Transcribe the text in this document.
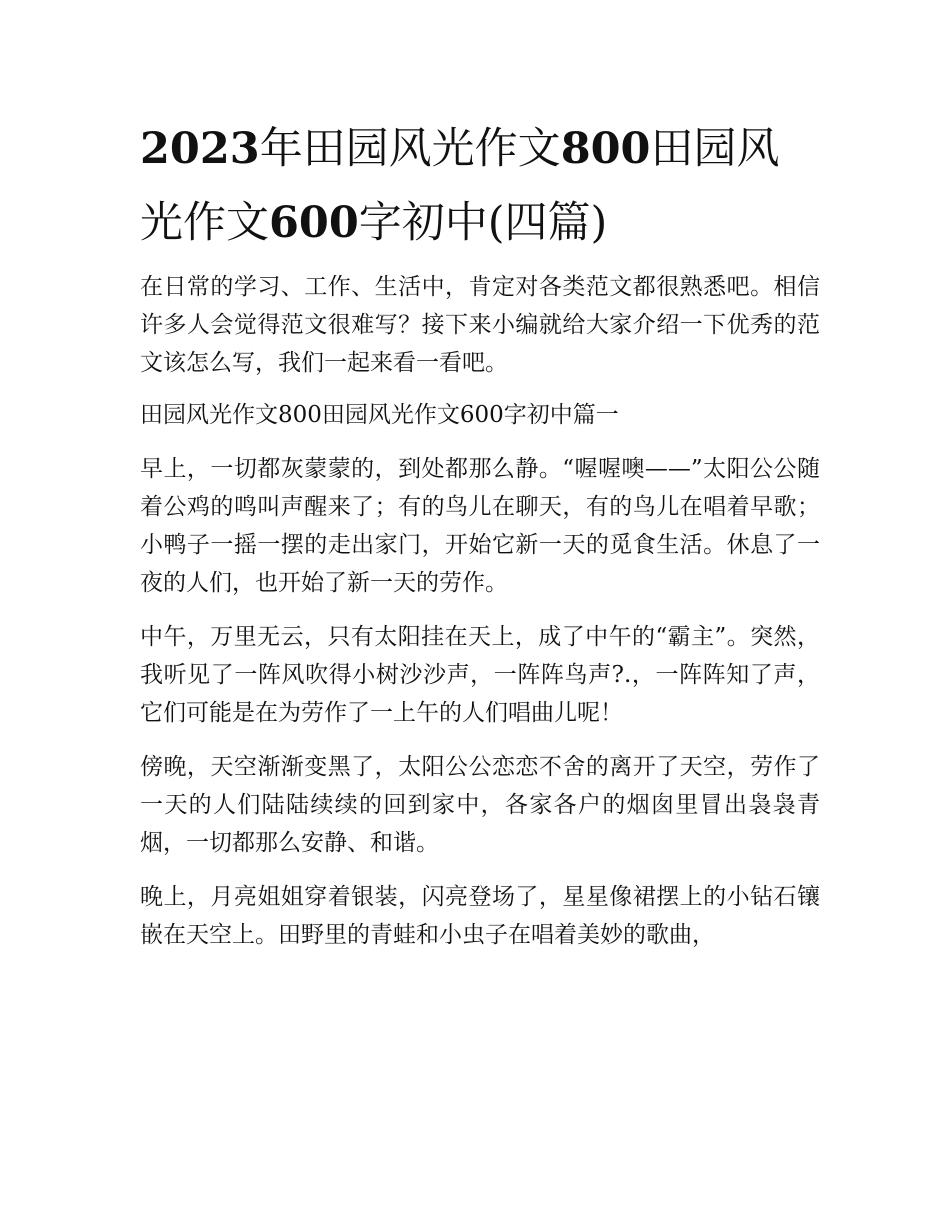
2023年田园风光作文800田园风光作文600字初中(四篇)

在日常的学习、工作、生活中，肯定对各类范文都很熟悉吧。相信许多人会觉得范文很难写？接下来小编就给大家介绍一下优秀的范文该怎么写，我们一起来看一看吧。

田园风光作文800田园风光作文600字初中篇一

早上，一切都灰蒙蒙的，到处都那么静。“喔喔噢——”太阳公公随着公鸡的鸣叫声醒来了；有的鸟儿在聊天，有的鸟儿在唱着早歌；小鸭子一摇一摆的走出家门，开始它新一天的觅食生活。休息了一夜的人们，也开始了新一天的劳作。

中午，万里无云，只有太阳挂在天上，成了中午的“霸主”。突然，我听见了一阵风吹得小树沙沙声，一阵阵鸟声?.，一阵阵知了声，它们可能是在为劳作了一上午的人们唱曲儿呢！

傍晚，天空渐渐变黑了，太阳公公恋恋不舍的离开了天空，劳作了一天的人们陆陆续续的回到家中，各家各户的烟囱里冒出袅袅青烟，一切都那么安静、和谐。

晚上，月亮姐姐穿着银装，闪亮登场了，星星像裙摆上的小钻石镶嵌在天空上。田野里的青蛙和小虫子在唱着美妙的歌曲，
